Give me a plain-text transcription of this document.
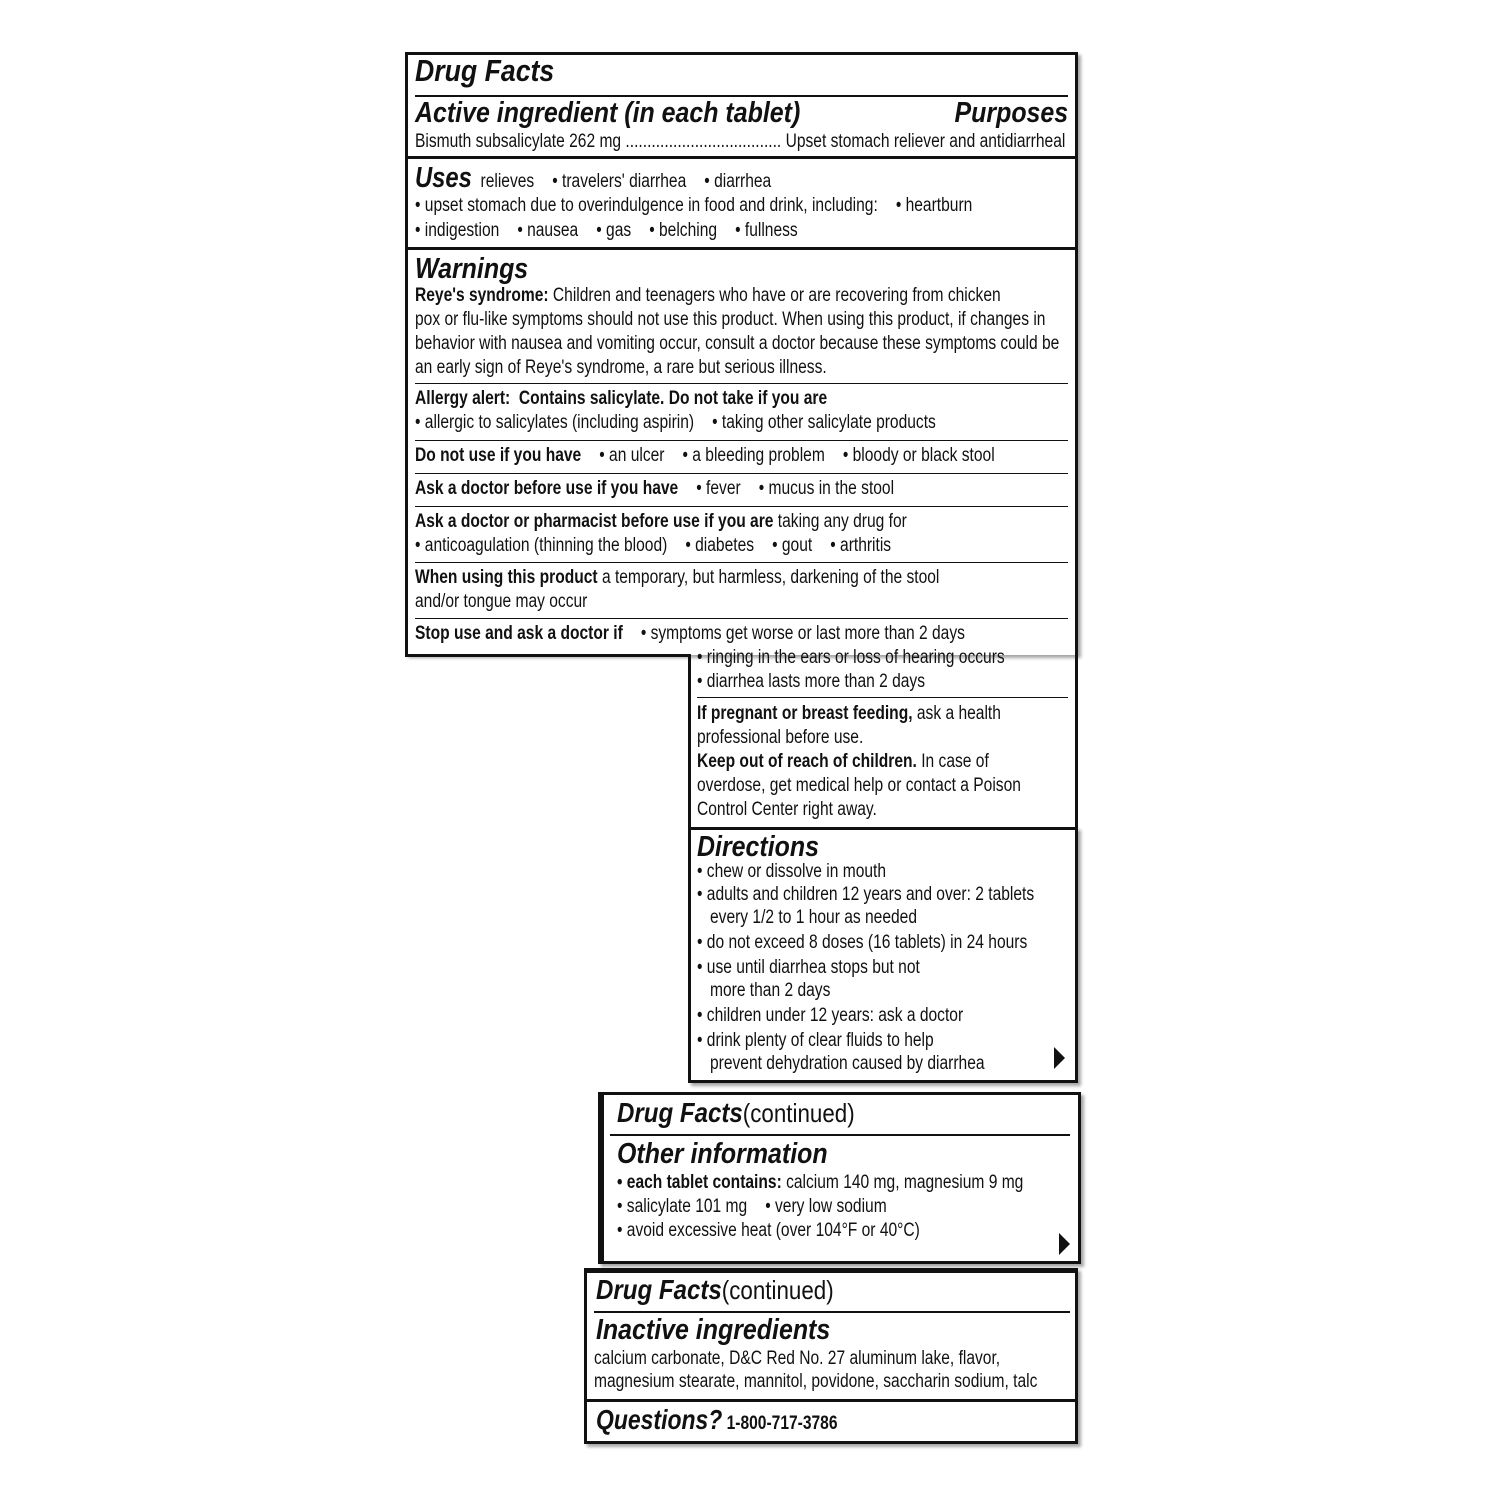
Drug Facts
Active ingredient (in each tablet)	Purposes
Bismuth subsalicylate 262 mg .................................... Upset stomach reliever and antidiarrheal
Uses relieves • travelers' diarrhea • diarrhea
• upset stomach due to overindulgence in food and drink, including: • heartburn
• indigestion • nausea • gas • belching • fullness
Warnings
Reye's syndrome: Children and teenagers who have or are recovering from chicken
pox or flu-like symptoms should not use this product. When using this product, if changes in
behavior with nausea and vomiting occur, consult a doctor because these symptoms could be
an early sign of Reye's syndrome, a rare but serious illness.
Allergy alert:  Contains salicylate. Do not take if you are
• allergic to salicylates (including aspirin) • taking other salicylate products
Do not use if you have • an ulcer • a bleeding problem • bloody or black stool
Ask a doctor before use if you have • fever • mucus in the stool
Ask a doctor or pharmacist before use if you are taking any drug for
• anticoagulation (thinning the blood) • diabetes • gout • arthritis
When using this product a temporary, but harmless, darkening of the stool
and/or tongue may occur
Stop use and ask a doctor if • symptoms get worse or last more than 2 days
• ringing in the ears or loss of hearing occurs
• diarrhea lasts more than 2 days
If pregnant or breast feeding, ask a health
professional before use.
Keep out of reach of children. In case of
overdose, get medical help or contact a Poison
Control Center right away.
Directions
• chew or dissolve in mouth
• adults and children 12 years and over: 2 tablets
every 1/2 to 1 hour as needed
• do not exceed 8 doses (16 tablets) in 24 hours
• use until diarrhea stops but not
more than 2 days
• children under 12 years: ask a doctor
• drink plenty of clear fluids to help
prevent dehydration caused by diarrhea
Drug Facts(continued)
Other information
• each tablet contains: calcium 140 mg, magnesium 9 mg
• salicylate 101 mg • very low sodium
• avoid excessive heat (over 104°F or 40°C)
Drug Facts(continued)
Inactive ingredients
calcium carbonate, D&C Red No. 27 aluminum lake, flavor,
magnesium stearate, mannitol, povidone, saccharin sodium, talc
Questions? 1-800-717-3786
